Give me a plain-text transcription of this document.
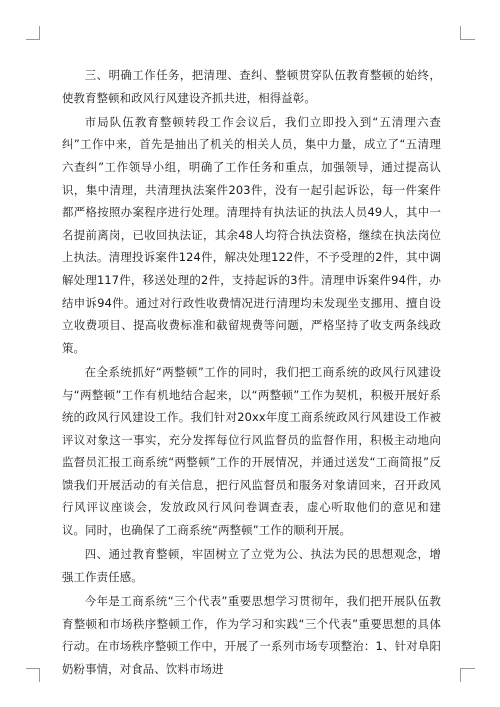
三、明确工作任务，把清理、查纠、整顿贯穿队伍教育整顿的始终，使教育整顿和政风行风建设齐抓共进，相得益彰。

市局队伍教育整顿转段工作会议后，我们立即投入到“五清理六查纠”工作中来，首先是抽出了机关的相关人员，集中力量，成立了“五清理六查纠”工作领导小组，明确了工作任务和重点，加强领导，通过提高认识，集中清理，共清理执法案件203件，没有一起引起诉讼，每一件案件都严格按照办案程序进行处理。清理持有执法证的执法人员49人，其中一名提前离岗，已收回执法证，其余48人均符合执法资格，继续在执法岗位上执法。清理投诉案件124件，解决处理122件，不予受理的2件，其中调解处理117件，移送处理的2件，支持起诉的3件。清理申诉案件94件，办结申诉94件。通过对行政性收费情况进行清理均未发现坐支挪用、擅自设立收费项目、提高收费标准和截留规费等问题，严格坚持了收支两条线政策。

在全系统抓好“两整顿”工作的同时，我们把工商系统的政风行风建设与“两整顿”工作有机地结合起来，以“两整顿”工作为契机，积极开展好系统的政风行风建设工作。我们针对20xx年度工商系统政风行风建设工作被评议对象这一事实，充分发挥每位行风监督员的监督作用，积极主动地向监督员汇报工商系统“两整顿”工作的开展情况，并通过送发“工商简报”反馈我们开展活动的有关信息，把行风监督员和服务对象请回来，召开政风行风评议座谈会，发放政风行风问卷调查表，虚心听取他们的意见和建议。同时，也确保了工商系统“两整顿”工作的顺利开展。

四、通过教育整顿，牢固树立了立党为公、执法为民的思想观念，增强工作责任感。

今年是工商系统“三个代表”重要思想学习贯彻年，我们把开展队伍教育整顿和市场秩序整顿工作，作为学习和实践“三个代表”重要思想的具体行动。在市场秩序整顿工作中，开展了一系列市场专项整治：1、针对阜阳奶粉事情，对食品、饮料市场进
